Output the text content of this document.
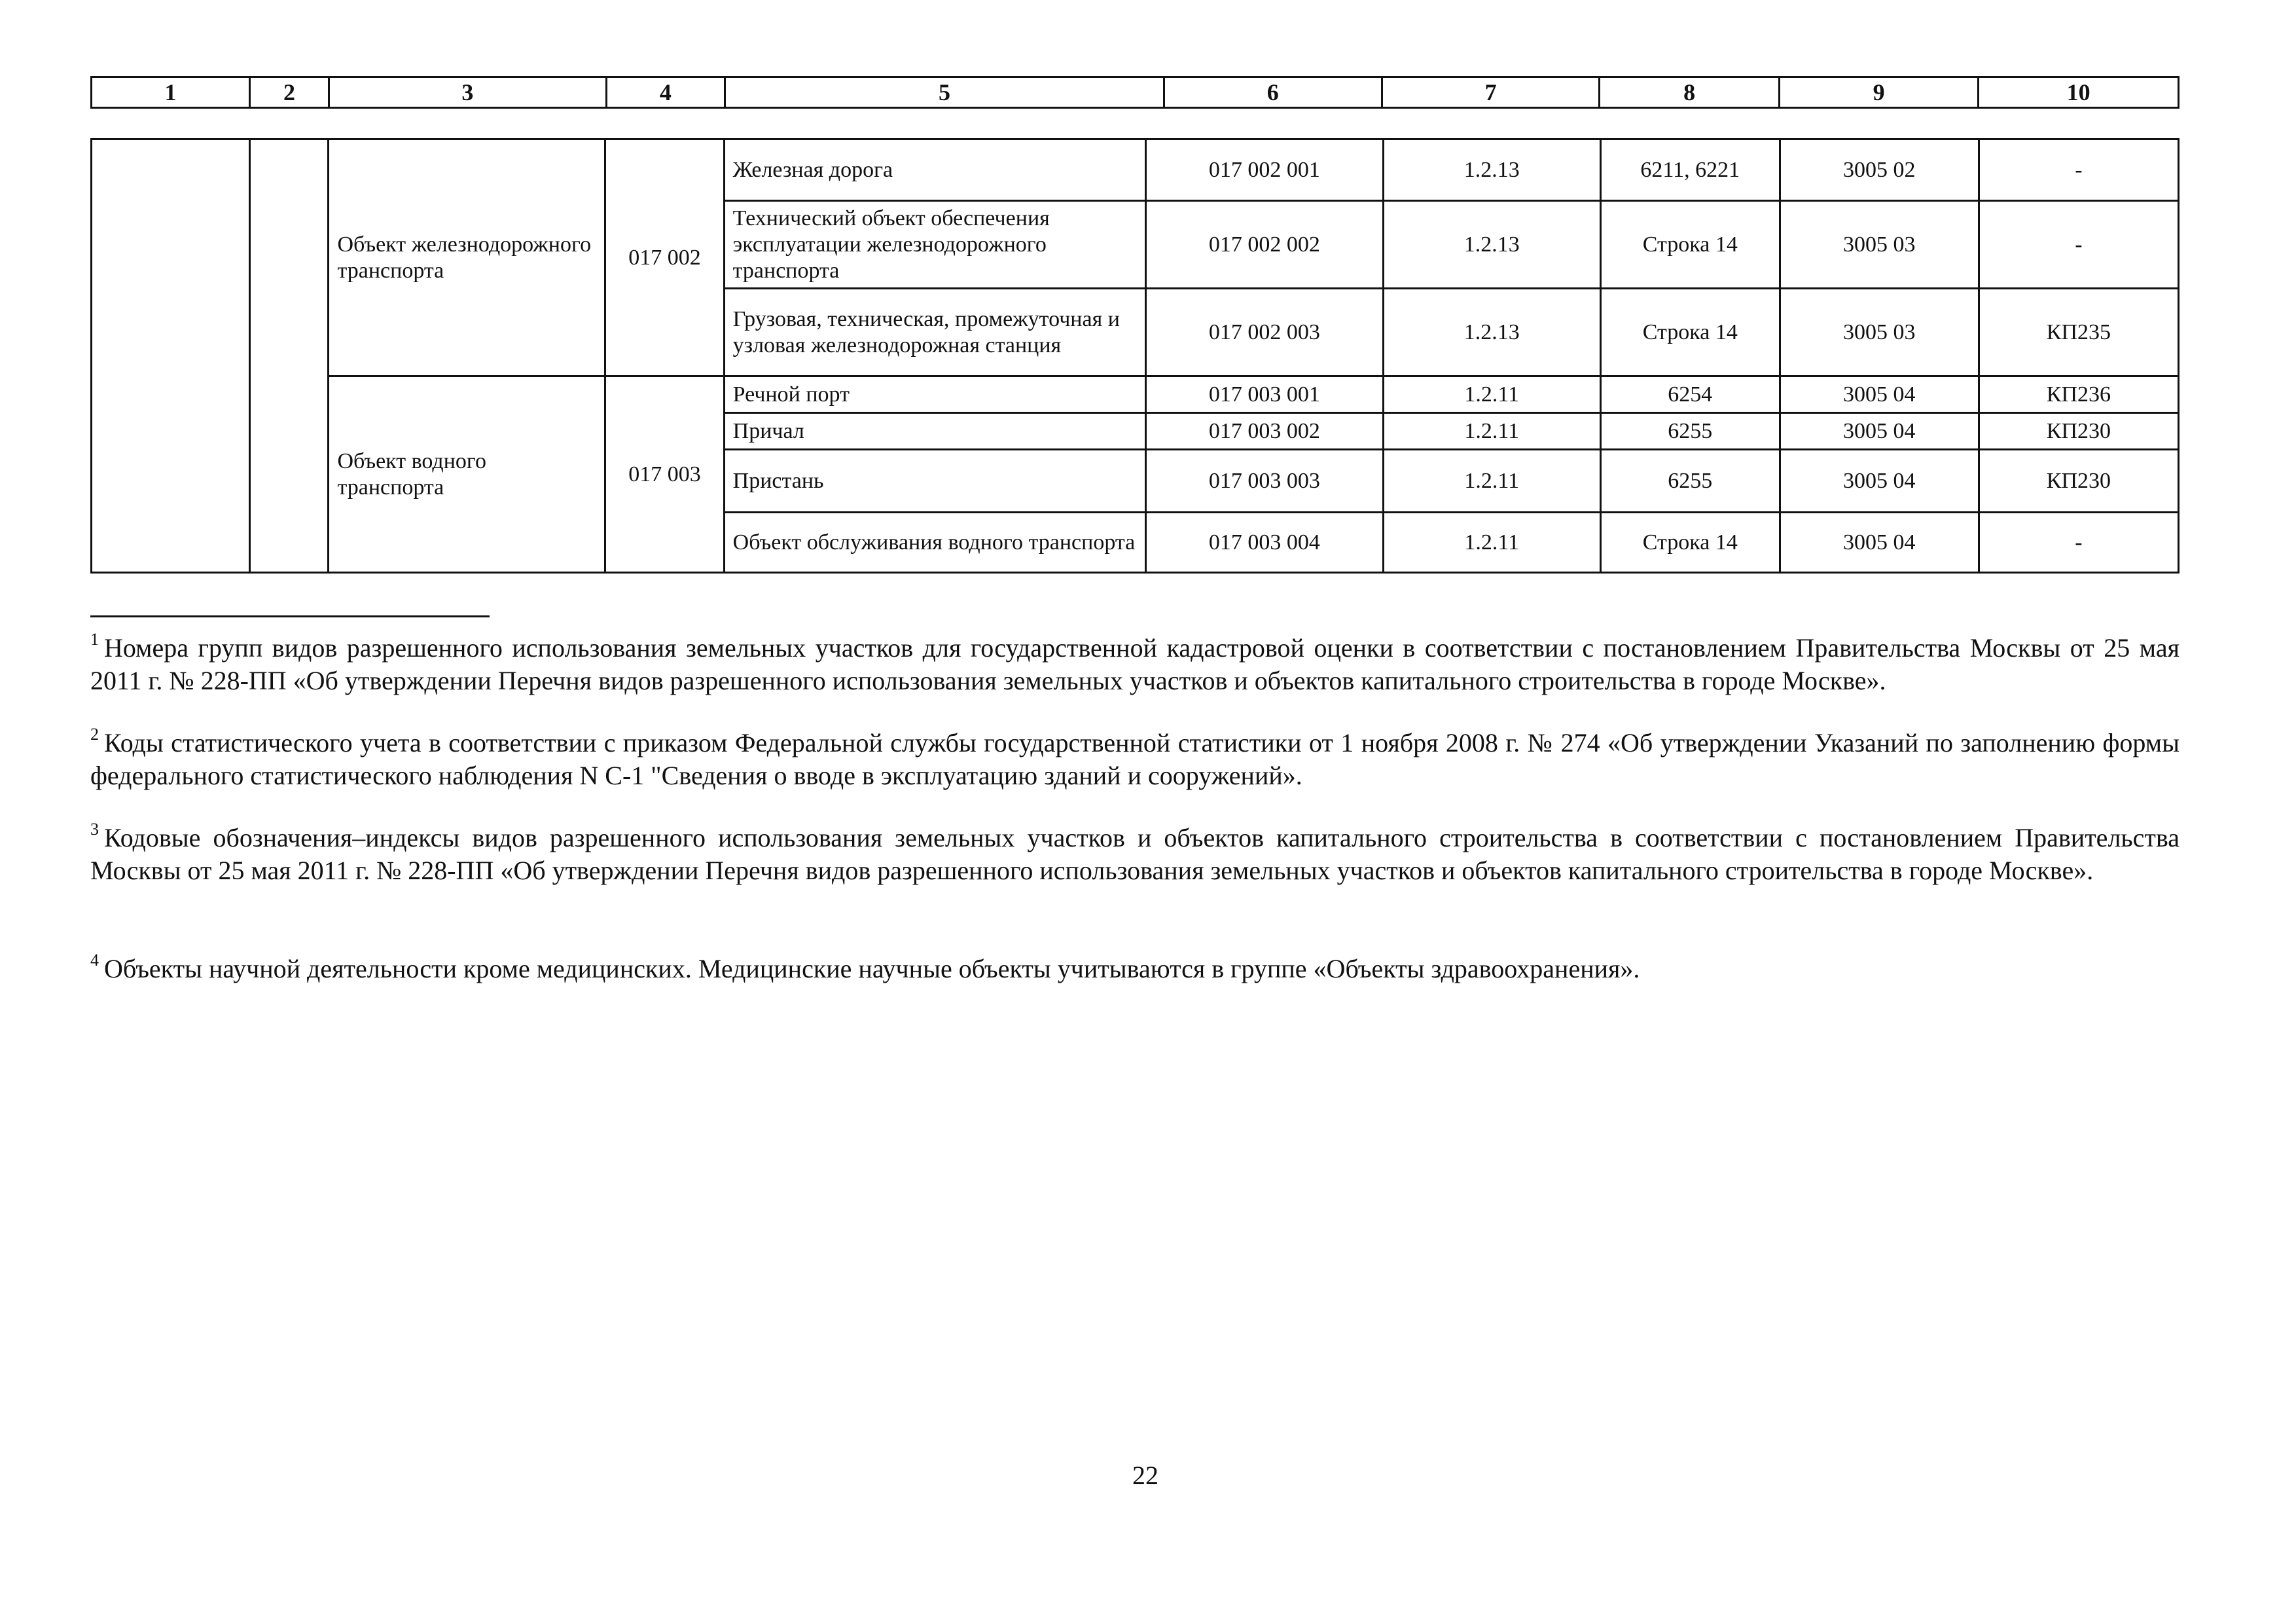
1	2	3	4	5	6	7	8	9	10
		Объект железнодорожного транспорта	017 002	Железная дорога	017 002 001	1.2.13	6211, 6221	3005 02	-
				Технический объект обеспечения эксплуатации железнодорожного транспорта	017 002 002	1.2.13	Строка 14	3005 03	-
				Грузовая, техническая, промежуточная и узловая железнодорожная станция	017 002 003	1.2.13	Строка 14	3005 03	КП235
		Объект водного транспорта	017 003	Речной порт	017 003 001	1.2.11	6254	3005 04	КП236
				Причал	017 003 002	1.2.11	6255	3005 04	КП230
				Пристань	017 003 003	1.2.11	6255	3005 04	КП230
				Объект обслуживания водного транспорта	017 003 004	1.2.11	Строка 14	3005 04	-
$^1$ Номера групп видов разрешенного использования земельных участков для государственной кадастровой оценки в соответствии с постановлением Правительства Москвы от 25 мая 2011 г. № 228-ПП «Об утверждении Перечня видов разрешенного использования земельных участков и объектов капитального строительства в городе Москве».
$^2$ Коды статистического учета в соответствии с приказом Федеральной службы государственной статистики от 1 ноября 2008 г. № 274 «Об утверждении Указаний по заполнению формы федерального статистического наблюдения N С-1 "Сведения о вводе в эксплуатацию зданий и сооружений».
$^3$ Кодовые обозначения–индексы видов разрешенного использования земельных участков и объектов капитального строительства в соответствии с постановлением Правительства Москвы от 25 мая 2011 г. № 228-ПП «Об утверждении Перечня видов разрешенного использования земельных участков и объектов капитального строительства в городе Москве».
$^4$ Объекты научной деятельности кроме медицинских. Медицинские научные объекты учитываются в группе «Объекты здравоохранения».
22
